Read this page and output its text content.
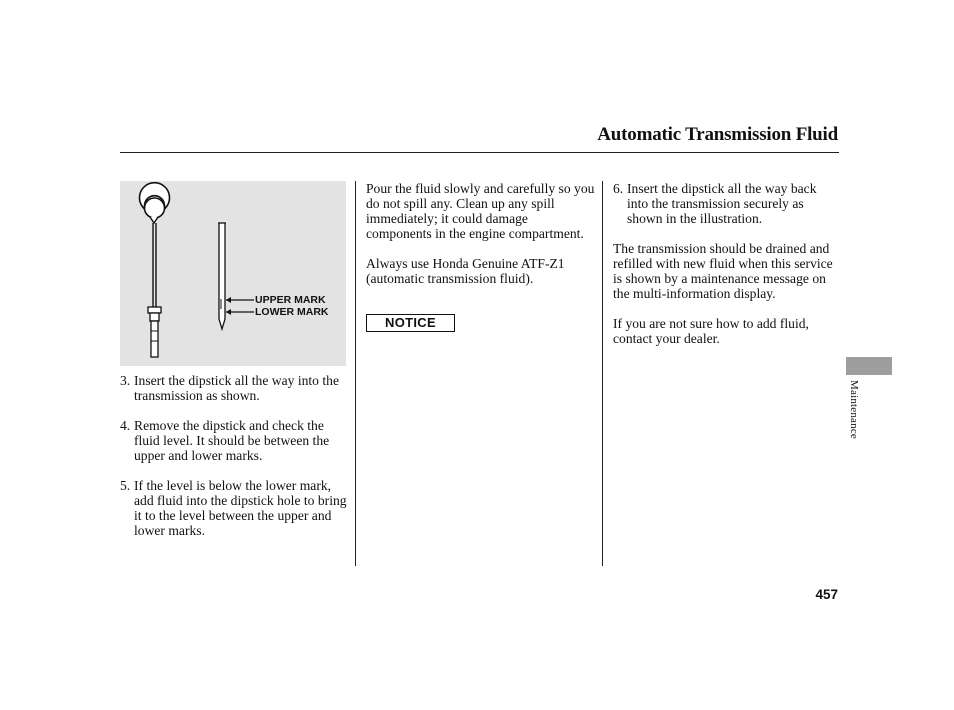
Automatic Transmission Fluid
UPPER MARK
LOWER MARK
3. Insert the dipstick all the way into the transmission as shown.
4. Remove the dipstick and check the fluid level. It should be between the upper and lower marks.
5. If the level is below the lower mark, add fluid into the dipstick hole to bring it to the level between the upper and lower marks.

Pour the fluid slowly and carefully so you do not spill any. Clean up any spill immediately; it could damage components in the engine compartment.

Always use Honda Genuine ATF-Z1 (automatic transmission fluid).

NOTICE
6. Insert the dipstick all the way back into the transmission securely as shown in the illustration.

The transmission should be drained and refilled with new fluid when this service is shown by a maintenance message on the multi-information display.

If you are not sure how to add fluid, contact your dealer.

Maintenance
457
